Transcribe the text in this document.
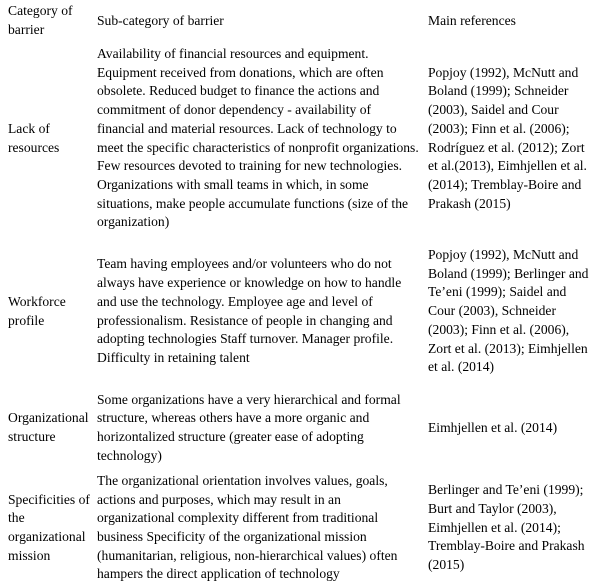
Category of barrier	Sub-category of barrier	Main references
Lack of resources	Availability of financial resources and equipment. Equipment received from donations, which are often obsolete. Reduced budget to finance the actions and commitment of donor dependency - availability of financial and material resources. Lack of technology to meet the specific characteristics of nonprofit organizations. Few resources devoted to training for new technologies. Organizations with small teams in which, in some situations, make people accumulate functions (size of the organization)	Popjoy (1992), McNutt and Boland (1999); Schneider (2003), Saidel and Cour (2003); Finn et al. (2006); Rodríguez et al. (2012); Zort et al.(2013), Eimhjellen et al. (2014); Tremblay-Boire and Prakash (2015)
Workforce profile	Team having employees and/or volunteers who do not always have experience or knowledge on how to handle and use the technology. Employee age and level of professionalism. Resistance of people in changing and adopting technologies Staff turnover. Manager profile. Difficulty in retaining talent	Popjoy (1992), McNutt and Boland (1999); Berlinger and Te’eni (1999); Saidel and Cour (2003), Schneider (2003); Finn et al. (2006), Zort et al. (2013); Eimhjellen et al. (2014)
Organizational structure	Some organizations have a very hierarchical and formal structure, whereas others have a more organic and horizontalized structure (greater ease of adopting technology)	Eimhjellen et al. (2014)
Specificities of the organizational mission	The organizational orientation involves values, goals, actions and purposes, which may result in an organizational complexity different from traditional business Specificity of the organizational mission (humanitarian, religious, non-hierarchical values) often hampers the direct application of technology	Berlinger and Te’eni (1999); Burt and Taylor (2003), Eimhjellen et al. (2014); Tremblay-Boire and Prakash (2015)
